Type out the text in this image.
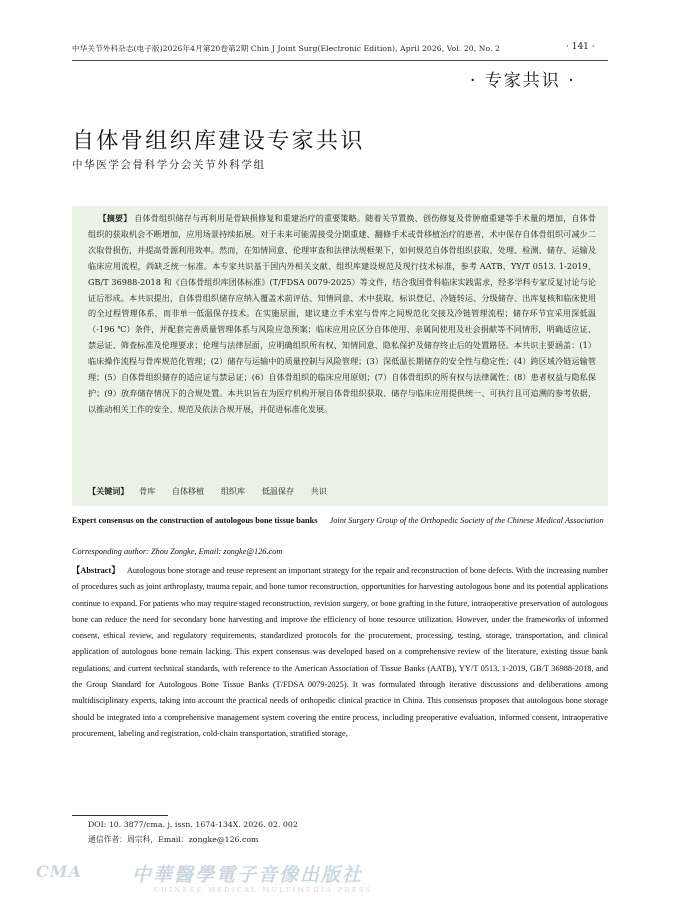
中华关节外科杂志(电子版)2026年4月第20卷第2期 Chin J Joint Surg(Electronic Edition), April 2026, Vol. 20, No. 2	· 141 ·
· 专家共识 ·
自体骨组织库建设专家共识
中华医学会骨科学分会关节外科学组
【摘要】 自体骨组织储存与再利用是骨缺损修复和重建治疗的重要策略。随着关节置换、创伤修复及骨肿瘤重建等手术量的增加，自体骨组织的获取机会不断增加，应用场景持续拓展。对于未来可能需接受分期重建、翻修手术或骨移植治疗的患者，术中保存自体骨组织可减少二次取骨损伤，并提高骨源利用效率。然而，在知情同意、伦理审查和法律法规框架下，如何规范自体骨组织获取、处理、检测、储存、运输及临床应用流程，尚缺乏统一标准。本专家共识基于国内外相关文献、组织库建设规范及现行技术标准，参考 AATB、YY/T 0513. 1-2019、GB/T 36988-2018 和《自体骨组织库团体标准》(T/FDSA 0079-2025）等文件，结合我国骨科临床实践需求，经多学科专家反复讨论与论证后形成。本共识提出，自体骨组织储存应纳入覆盖术前评估、知情同意、术中获取、标识登记、冷链转运、分级储存、出库复核和临床使用的全过程管理体系，而非单一低温保存技术。在实施层面，建议建立手术室与骨库之间规范化交接及冷链管理流程；储存环节宜采用深低温（-196 ℃）条件，并配套完善质量管理体系与风险应急预案；临床应用应区分自体使用、亲属间使用及社会捐献等不同情形，明确适应证、禁忌证、筛查标准及伦理要求；伦理与法律层面，应明确组织所有权、知情同意、隐私保护及储存终止后的处置路径。本共识主要涵盖：(1）临床操作流程与骨库规范化管理；(2）储存与运输中的质量控制与风险管理；(3）深低温长期储存的安全性与稳定性；(4）跨区域冷链运输管理；(5）自体骨组织储存的适应证与禁忌证；(6）自体骨组织的临床应用原则；(7）自体骨组织的所有权与法律属性；(8）患者权益与隐私保护；(9）放弃储存情况下的合规处置。本共识旨在为医疗机构开展自体骨组织获取、储存与临床应用提供统一、可执行且可追溯的参考依据，以推动相关工作的安全、规范及依法合规开展，并促进标准化发展。
【关键词】 骨库 自体移植 组织库 低温保存 共识
Expert consensus on the construction of autologous bone tissue banks Joint Surgery Group of the Orthopedic Society of the Chinese Medical Association
Corresponding author: Zhou Zongke, Email: zongke@126.com
【Abstract】 Autologous bone storage and reuse represent an important strategy for the repair and reconstruction of bone defects. With the increasing number of procedures such as joint arthroplasty, trauma repair, and bone tumor reconstruction, opportunities for harvesting autologous bone and its potential applications continue to expand. For patients who may require staged reconstruction, revision surgery, or bone grafting in the future, intraoperative preservation of autologous bone can reduce the need for secondary bone harvesting and improve the efficiency of bone resource utilization. However, under the frameworks of informed consent, ethical review, and regulatory requirements, standardized protocols for the procurement, processing, testing, storage, transportation, and clinical application of autologous bone remain lacking. This expert consensus was developed based on a comprehensive review of the literature, existing tissue bank regulations, and current technical standards, with reference to the American Association of Tissue Banks (AATB), YY/T 0513. 1-2019, GB/T 36988-2018, and the Group Standard for Autologous Bone Tissue Banks (T/FDSA 0079-2025). It was formulated through iterative discussions and deliberations among multidisciplinary experts, taking into account the practical needs of orthopedic clinical practice in China. This consensus proposes that autologous bone storage should be integrated into a comprehensive management system covering the entire process, including preoperative evaluation, informed consent, intraoperative procurement, labeling and registration, cold-chain transportation, stratified storage,
DOI: 10. 3877/cma. j. issn. 1674-134X. 2026. 02. 002
通信作者：周宗科，Email：zongke@126.com
CMA	中華醫學電子音像出版社
CHINESE MEDICAL MULTIMEDIA PRESS
